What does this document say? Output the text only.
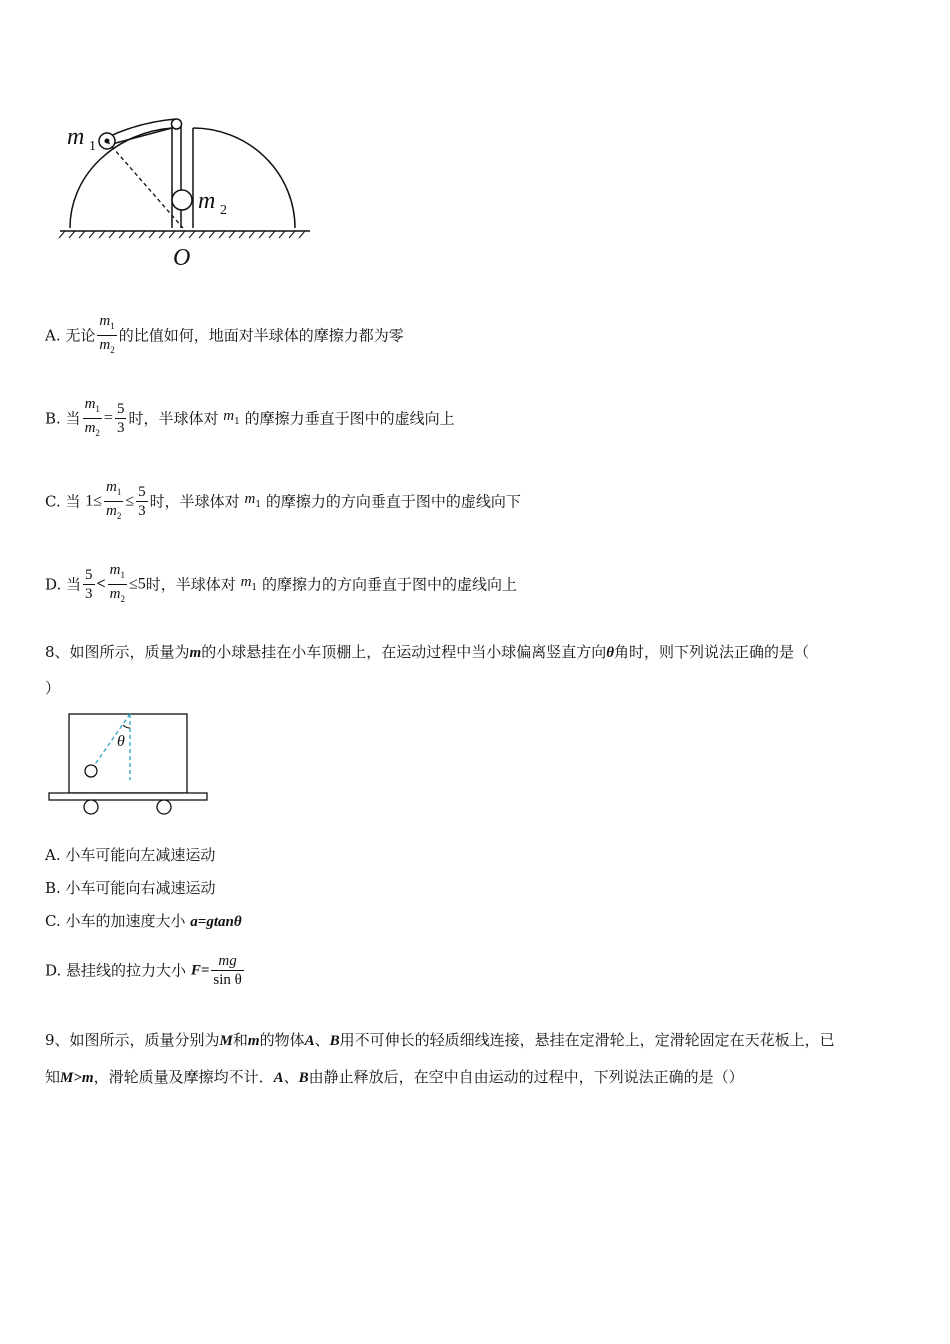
m 1
m 2
O
A. 无论 $\frac{m_1}{m_2}$ 的比值如何，地面对半球体的摩擦力都为零
B. 当 $\frac{m_1}{m_2} = \frac{5}{3}$ 时，半球体对 $m_1$ 的摩擦力垂直于图中的虚线向上
C. 当 $1\le \frac{m_1}{m_2} \le \frac{5}{3}$ 时，半球体对 $m_1$ 的摩擦力的方向垂直于图中的虚线向下
D. 当 $\frac{5}{3} < \frac{m_1}{m_2} \le 5$时，半球体对 $m_1$ 的摩擦力的方向垂直于图中的虚线向上
8、如图所示，质量为m的小球悬挂在小车顶棚上，在运动过程中当小球偏离竖直方向θ角时，则下列说法正确的是（
）
θ
A. 小车可能向左减速运动
B. 小车可能向右减速运动
C. 小车的加速度大小 a=gtanθ
D. 悬挂线的拉力大小 $F= \frac{mg}{\text{sin θ}}$
9、如图所示，质量分别为M和m的物体A、B用不可伸长的轻质细线连接，悬挂在定滑轮上，定滑轮固定在天花板上，已
知M>m，滑轮质量及摩擦均不计．A、B由静止释放后，在空中自由运动的过程中，下列说法正确的是（）
